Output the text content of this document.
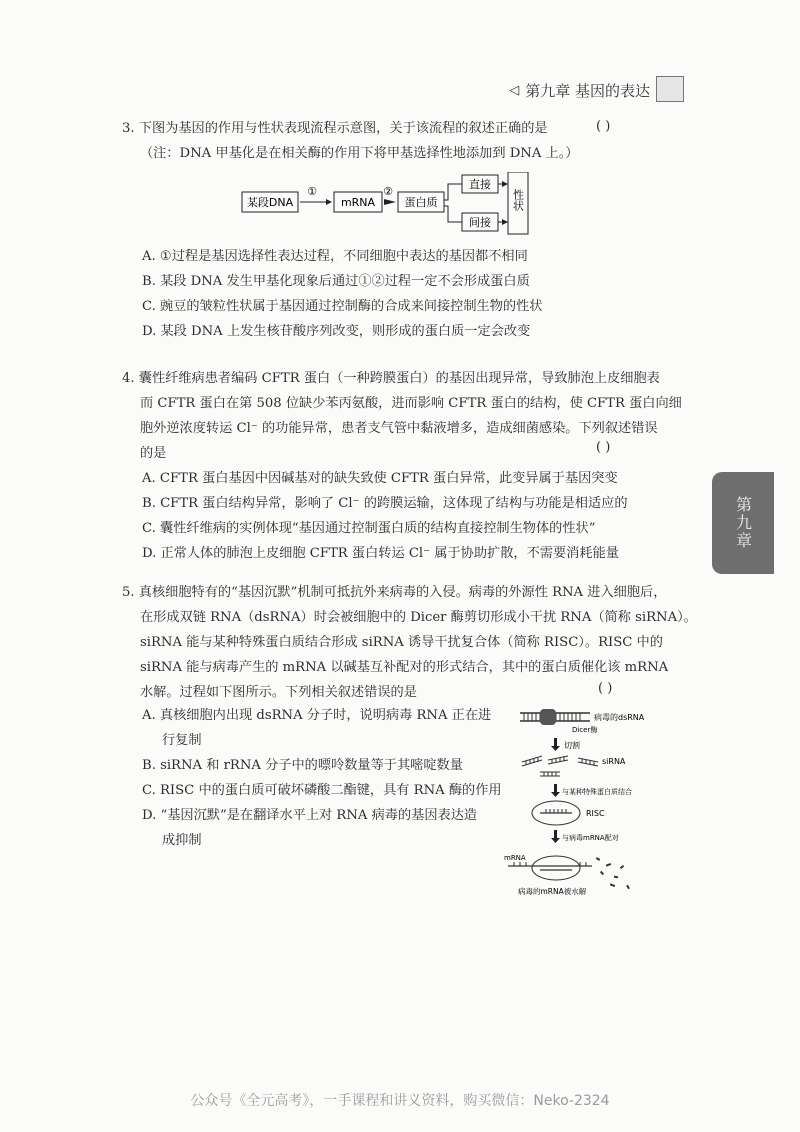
◁ 第九章 基因的表达
3. 下图为基因的作用与性状表现流程示意图，关于该流程的叙述正确的是
（注：DNA 甲基化是在相关酶的作用下将甲基选择性地添加到 DNA 上。）
( )
某段DNA
①
mRNA
②
蛋白质
直接
间接
性状
A. ①过程是基因选择性表达过程，不同细胞中表达的基因都不相同
B. 某段 DNA 发生甲基化现象后通过①②过程一定不会形成蛋白质
C. 豌豆的皱粒性状属于基因通过控制酶的合成来间接控制生物的性状
D. 某段 DNA 上发生核苷酸序列改变，则形成的蛋白质一定会改变
4. 囊性纤维病患者编码 CFTR 蛋白（一种跨膜蛋白）的基因出现异常，导致肺泡上皮细胞表
而 CFTR 蛋白在第 508 位缺少苯丙氨酸，进而影响 CFTR 蛋白的结构，使 CFTR 蛋白向细
胞外逆浓度转运 Cl⁻ 的功能异常，患者支气管中黏液增多，造成细菌感染。下列叙述错误
的是
A. CFTR 蛋白基因中因碱基对的缺失致使 CFTR 蛋白异常，此变异属于基因突变
B. CFTR 蛋白结构异常，影响了 Cl⁻ 的跨膜运输，这体现了结构与功能是相适应的
C. 囊性纤维病的实例体现“基因通过控制蛋白质的结构直接控制生物体的性状”
D. 正常人体的肺泡上皮细胞 CFTR 蛋白转运 Cl⁻ 属于协助扩散，不需要消耗能量
( )
第九章
5. 真核细胞特有的“基因沉默”机制可抵抗外来病毒的入侵。病毒的外源性 RNA 进入细胞后，
在形成双链 RNA（dsRNA）时会被细胞中的 Dicer 酶剪切形成小干扰 RNA（简称 siRNA）。
siRNA 能与某种特殊蛋白质结合形成 siRNA 诱导干扰复合体（简称 RISC）。RISC 中的
siRNA 能与病毒产生的 mRNA 以碱基互补配对的形式结合，其中的蛋白质催化该 mRNA
水解。过程如下图所示。下列相关叙述错误的是	( )
A. 真核细胞内出现 dsRNA 分子时，说明病毒 RNA 正在进
行复制
B. siRNA 和 rRNA 分子中的嘌呤数量等于其嘧啶数量
C. RISC 中的蛋白质可破坏磷酸二酯键，具有 RNA 酶的作用
D. “基因沉默”是在翻译水平上对 RNA 病毒的基因表达造
成抑制
病毒的dsRNA
Dicer酶
切割
siRNA
与某种特殊蛋白质结合
RISC
与病毒mRNA配对
mRNA
病毒的mRNA被水解
公众号《全元高考》，一手课程和讲义资料，购买微信：Neko-2324
